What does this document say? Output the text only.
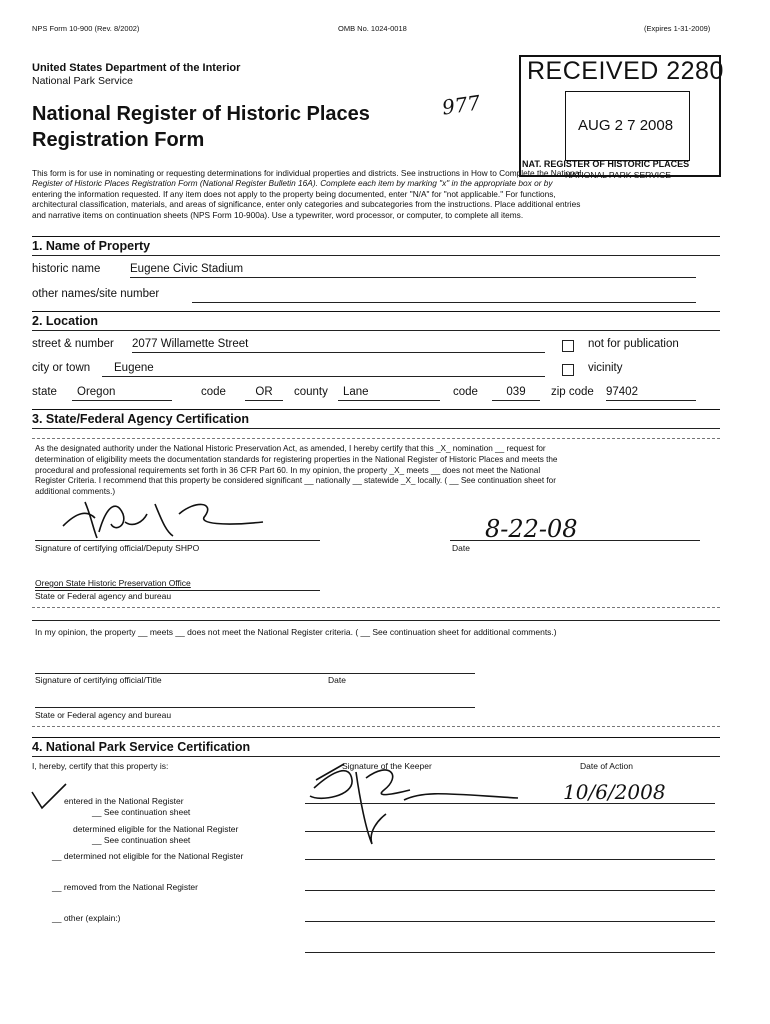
NPS Form 10-900 (Rev. 8/2002)	OMB No. 1024-0018	(Expires 1-31-2009)
United States Department of the Interior
National Park Service
National Register of Historic Places
Registration Form
977
RECEIVED 2280
AUG 2 7 2008
NAT. REGISTER OF HISTORIC PLACES
NATIONAL PARK SERVICE
This form is for use in nominating or requesting determinations for individual properties and districts. See instructions in How to Complete the National
Register of Historic Places Registration Form (National Register Bulletin 16A). Complete each item by marking "x" in the appropriate box or by
entering the information requested. If any item does not apply to the property being documented, enter "N/A" for "not applicable." For functions,
architectural classification, materials, and areas of significance, enter only categories and subcategories from the instructions. Place additional entries
and narrative items on continuation sheets (NPS Form 10-900a). Use a typewriter, word processor, or computer, to complete all items.
1. Name of Property
historic name	Eugene Civic Stadium
other names/site number
2. Location
street & number 2077 Willamette Street	not for publication
city or town	Eugene	vicinity
state	Oregon	code	OR	county	Lane	code	039	zip code 97402
3. State/Federal Agency Certification
As the designated authority under the National Historic Preservation Act, as amended, I hereby certify that this _X_ nomination __ request for
determination of eligibility meets the documentation standards for registering properties in the National Register of Historic Places and meets the
procedural and professional requirements set forth in 36 CFR Part 60. In my opinion, the property _X_ meets __ does not meet the National
Register Criteria. I recommend that this property be considered significant __ nationally __ statewide _X_ locally. ( __ See continuation sheet for
additional comments.)
Signature of certifying official/Deputy SHPO
8-22-08
Date
Oregon State Historic Preservation Office
State or Federal agency and bureau
In my opinion, the property __ meets __ does not meet the National Register criteria. ( __ See continuation sheet for additional comments.)
Signature of certifying official/Title	Date
State or Federal agency and bureau
4. National Park Service Certification
I, hereby, certify that this property is:	Signature of the Keeper	Date of Action
10/6/2008
entered in the National Register
__ See continuation sheet
determined eligible for the National Register
__ See continuation sheet
__ determined not eligible for the National Register
__ removed from the National Register
__ other (explain:)
